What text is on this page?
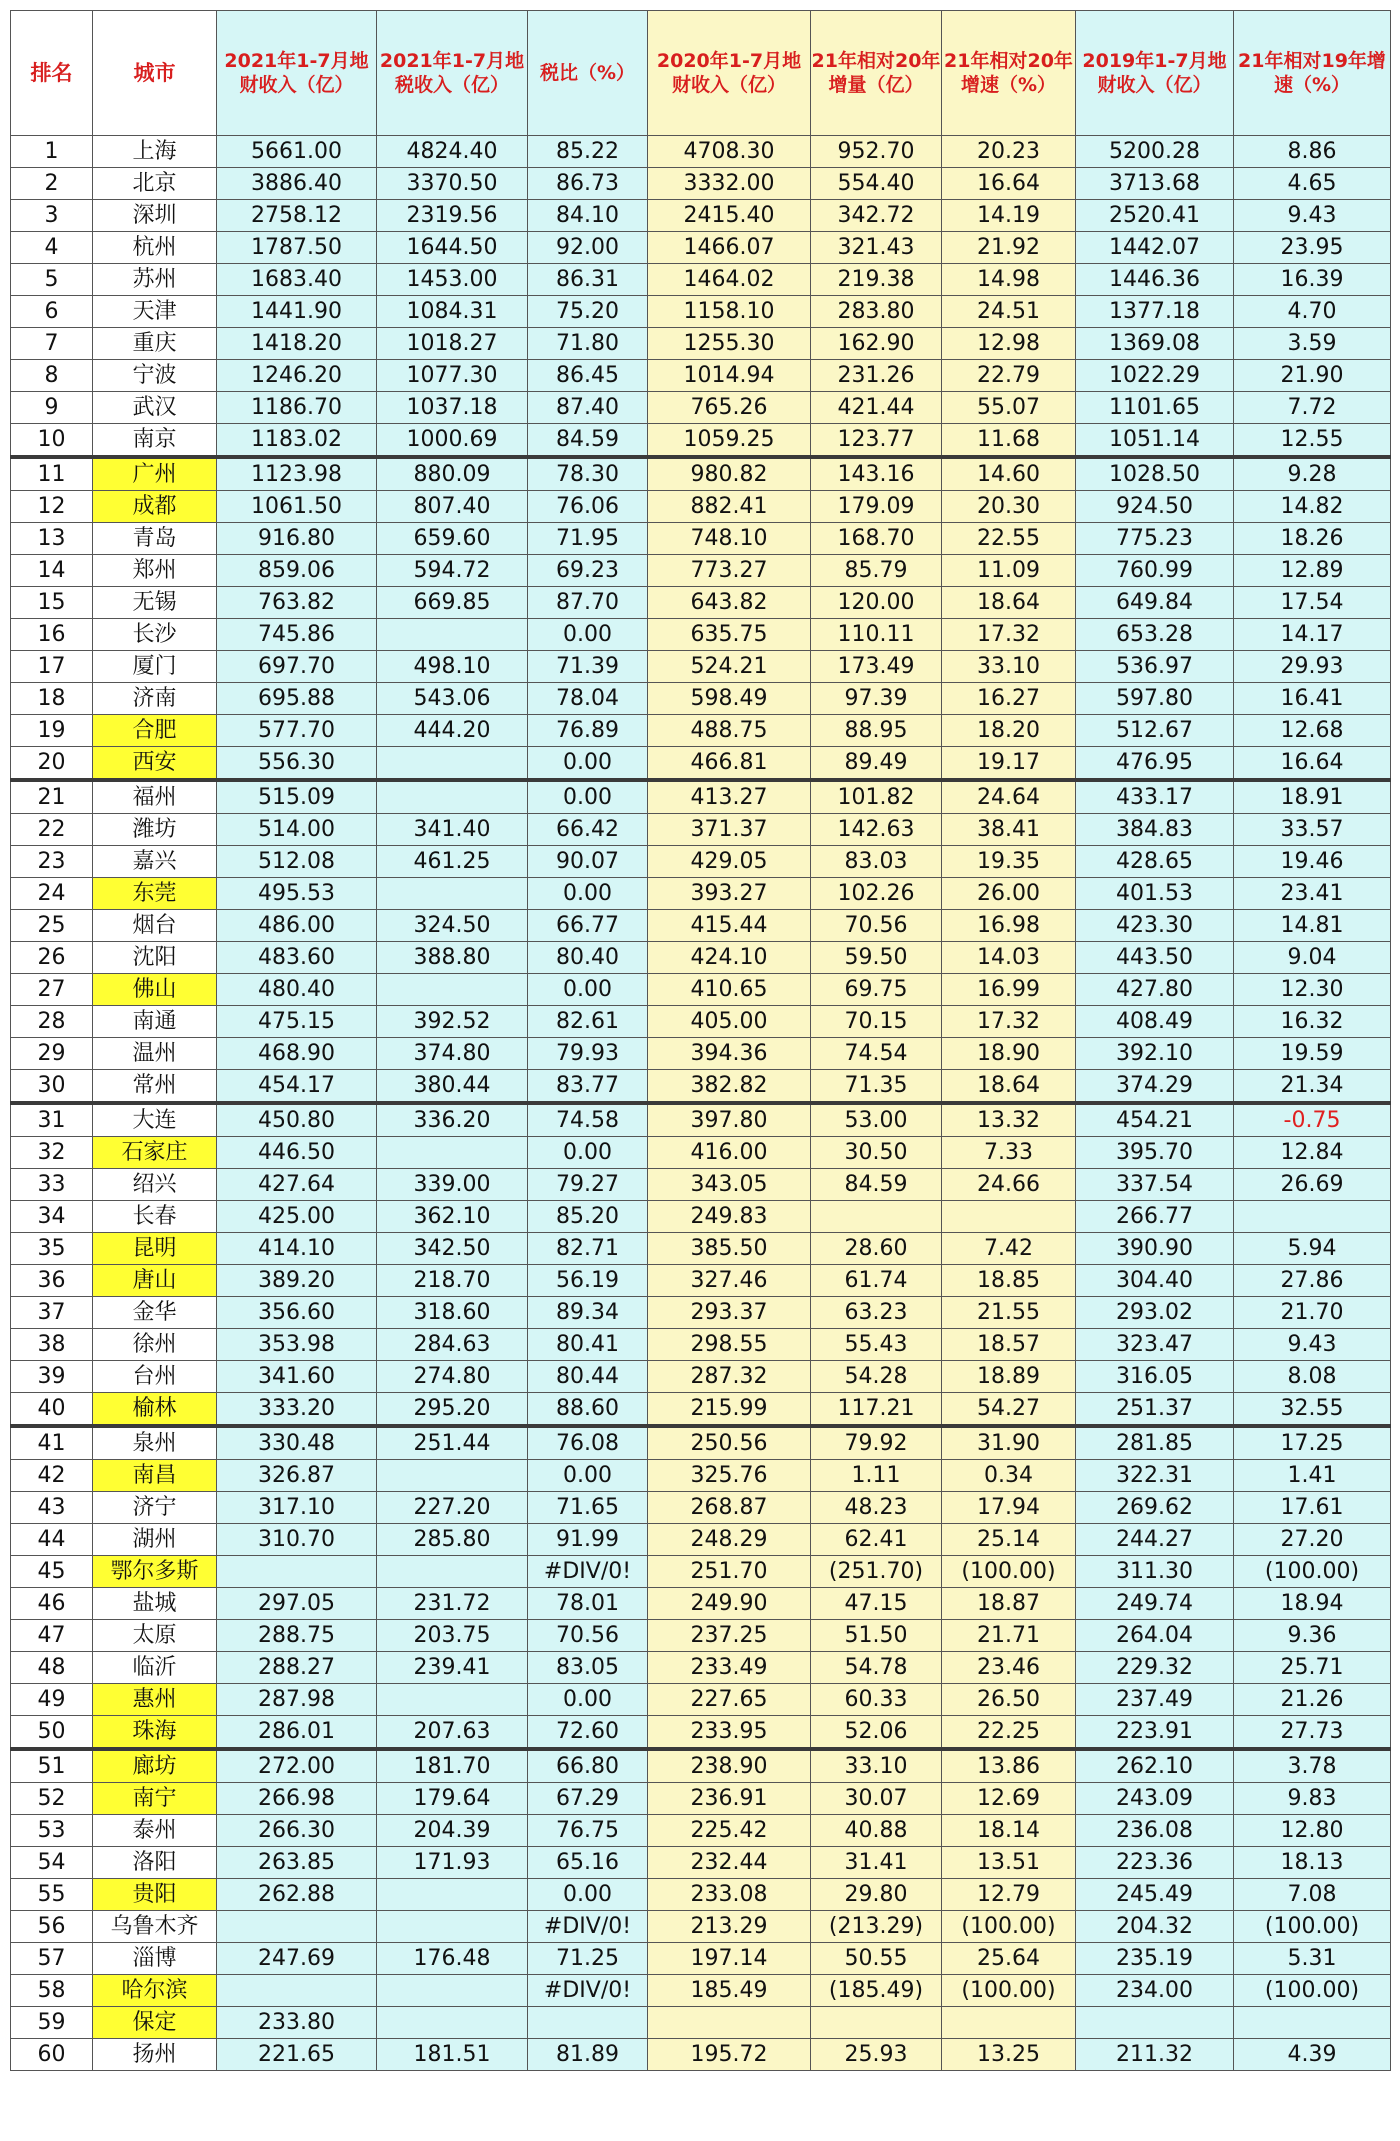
排名	城市	2021年1-7月地财收入（亿）	2021年1-7月地税收入（亿）	税比（%）	2020年1-7月地财收入（亿）	21年相对20年增量（亿）	21年相对20年增速（%）	2019年1-7月地财收入（亿）	21年相对19年增速（%）
1	上海	5661.00	4824.40	85.22	4708.30	952.70	20.23	5200.28	8.86
2	北京	3886.40	3370.50	86.73	3332.00	554.40	16.64	3713.68	4.65
3	深圳	2758.12	2319.56	84.10	2415.40	342.72	14.19	2520.41	9.43
4	杭州	1787.50	1644.50	92.00	1466.07	321.43	21.92	1442.07	23.95
5	苏州	1683.40	1453.00	86.31	1464.02	219.38	14.98	1446.36	16.39
6	天津	1441.90	1084.31	75.20	1158.10	283.80	24.51	1377.18	4.70
7	重庆	1418.20	1018.27	71.80	1255.30	162.90	12.98	1369.08	3.59
8	宁波	1246.20	1077.30	86.45	1014.94	231.26	22.79	1022.29	21.90
9	武汉	1186.70	1037.18	87.40	765.26	421.44	55.07	1101.65	7.72
10	南京	1183.02	1000.69	84.59	1059.25	123.77	11.68	1051.14	12.55
11	广州	1123.98	880.09	78.30	980.82	143.16	14.60	1028.50	9.28
12	成都	1061.50	807.40	76.06	882.41	179.09	20.30	924.50	14.82
13	青岛	916.80	659.60	71.95	748.10	168.70	22.55	775.23	18.26
14	郑州	859.06	594.72	69.23	773.27	85.79	11.09	760.99	12.89
15	无锡	763.82	669.85	87.70	643.82	120.00	18.64	649.84	17.54
16	长沙	745.86		0.00	635.75	110.11	17.32	653.28	14.17
17	厦门	697.70	498.10	71.39	524.21	173.49	33.10	536.97	29.93
18	济南	695.88	543.06	78.04	598.49	97.39	16.27	597.80	16.41
19	合肥	577.70	444.20	76.89	488.75	88.95	18.20	512.67	12.68
20	西安	556.30		0.00	466.81	89.49	19.17	476.95	16.64
21	福州	515.09		0.00	413.27	101.82	24.64	433.17	18.91
22	潍坊	514.00	341.40	66.42	371.37	142.63	38.41	384.83	33.57
23	嘉兴	512.08	461.25	90.07	429.05	83.03	19.35	428.65	19.46
24	东莞	495.53		0.00	393.27	102.26	26.00	401.53	23.41
25	烟台	486.00	324.50	66.77	415.44	70.56	16.98	423.30	14.81
26	沈阳	483.60	388.80	80.40	424.10	59.50	14.03	443.50	9.04
27	佛山	480.40		0.00	410.65	69.75	16.99	427.80	12.30
28	南通	475.15	392.52	82.61	405.00	70.15	17.32	408.49	16.32
29	温州	468.90	374.80	79.93	394.36	74.54	18.90	392.10	19.59
30	常州	454.17	380.44	83.77	382.82	71.35	18.64	374.29	21.34
31	大连	450.80	336.20	74.58	397.80	53.00	13.32	454.21	-0.75
32	石家庄	446.50		0.00	416.00	30.50	7.33	395.70	12.84
33	绍兴	427.64	339.00	79.27	343.05	84.59	24.66	337.54	26.69
34	长春	425.00	362.10	85.20	249.83			266.77	
35	昆明	414.10	342.50	82.71	385.50	28.60	7.42	390.90	5.94
36	唐山	389.20	218.70	56.19	327.46	61.74	18.85	304.40	27.86
37	金华	356.60	318.60	89.34	293.37	63.23	21.55	293.02	21.70
38	徐州	353.98	284.63	80.41	298.55	55.43	18.57	323.47	9.43
39	台州	341.60	274.80	80.44	287.32	54.28	18.89	316.05	8.08
40	榆林	333.20	295.20	88.60	215.99	117.21	54.27	251.37	32.55
41	泉州	330.48	251.44	76.08	250.56	79.92	31.90	281.85	17.25
42	南昌	326.87		0.00	325.76	1.11	0.34	322.31	1.41
43	济宁	317.10	227.20	71.65	268.87	48.23	17.94	269.62	17.61
44	湖州	310.70	285.80	91.99	248.29	62.41	25.14	244.27	27.20
45	鄂尔多斯			#DIV/0!	251.70	(251.70)	(100.00)	311.30	(100.00)
46	盐城	297.05	231.72	78.01	249.90	47.15	18.87	249.74	18.94
47	太原	288.75	203.75	70.56	237.25	51.50	21.71	264.04	9.36
48	临沂	288.27	239.41	83.05	233.49	54.78	23.46	229.32	25.71
49	惠州	287.98		0.00	227.65	60.33	26.50	237.49	21.26
50	珠海	286.01	207.63	72.60	233.95	52.06	22.25	223.91	27.73
51	廊坊	272.00	181.70	66.80	238.90	33.10	13.86	262.10	3.78
52	南宁	266.98	179.64	67.29	236.91	30.07	12.69	243.09	9.83
53	泰州	266.30	204.39	76.75	225.42	40.88	18.14	236.08	12.80
54	洛阳	263.85	171.93	65.16	232.44	31.41	13.51	223.36	18.13
55	贵阳	262.88		0.00	233.08	29.80	12.79	245.49	7.08
56	乌鲁木齐			#DIV/0!	213.29	(213.29)	(100.00)	204.32	(100.00)
57	淄博	247.69	176.48	71.25	197.14	50.55	25.64	235.19	5.31
58	哈尔滨			#DIV/0!	185.49	(185.49)	(100.00)	234.00	(100.00)
59	保定	233.80							
60	扬州	221.65	181.51	81.89	195.72	25.93	13.25	211.32	4.39
